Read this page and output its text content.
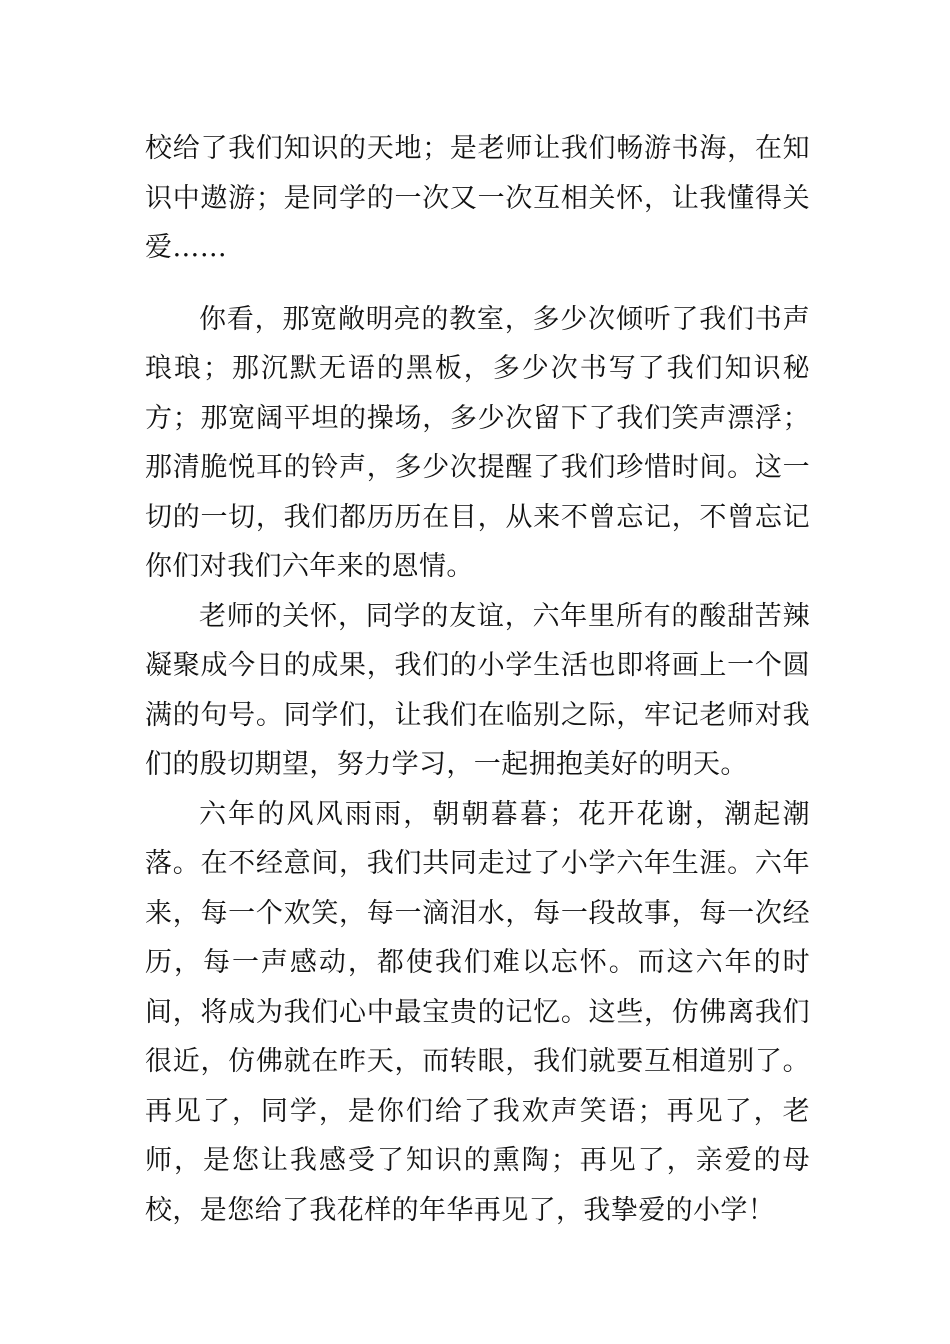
校给了我们知识的天地；是老师让我们畅游书海，在知识中遨游；是同学的一次又一次互相关怀，让我懂得关爱……

你看，那宽敞明亮的教室，多少次倾听了我们书声琅琅；那沉默无语的黑板，多少次书写了我们知识秘方；那宽阔平坦的操场，多少次留下了我们笑声漂浮；那清脆悦耳的铃声，多少次提醒了我们珍惜时间。这一切的一切，我们都历历在目，从来不曾忘记，不曾忘记你们对我们六年来的恩情。

老师的关怀，同学的友谊，六年里所有的酸甜苦辣凝聚成今日的成果，我们的小学生活也即将画上一个圆满的句号。同学们，让我们在临别之际，牢记老师对我们的殷切期望，努力学习，一起拥抱美好的明天。

六年的风风雨雨，朝朝暮暮；花开花谢，潮起潮落。在不经意间，我们共同走过了小学六年生涯。六年来，每一个欢笑，每一滴泪水，每一段故事，每一次经历，每一声感动，都使我们难以忘怀。而这六年的时间，将成为我们心中最宝贵的记忆。这些，仿佛离我们很近，仿佛就在昨天，而转眼，我们就要互相道别了。再见了，同学，是你们给了我欢声笑语；再见了，老师，是您让我感受了知识的熏陶；再见了，亲爱的母校，是您给了我花样的年华再见了，我挚爱的小学！
